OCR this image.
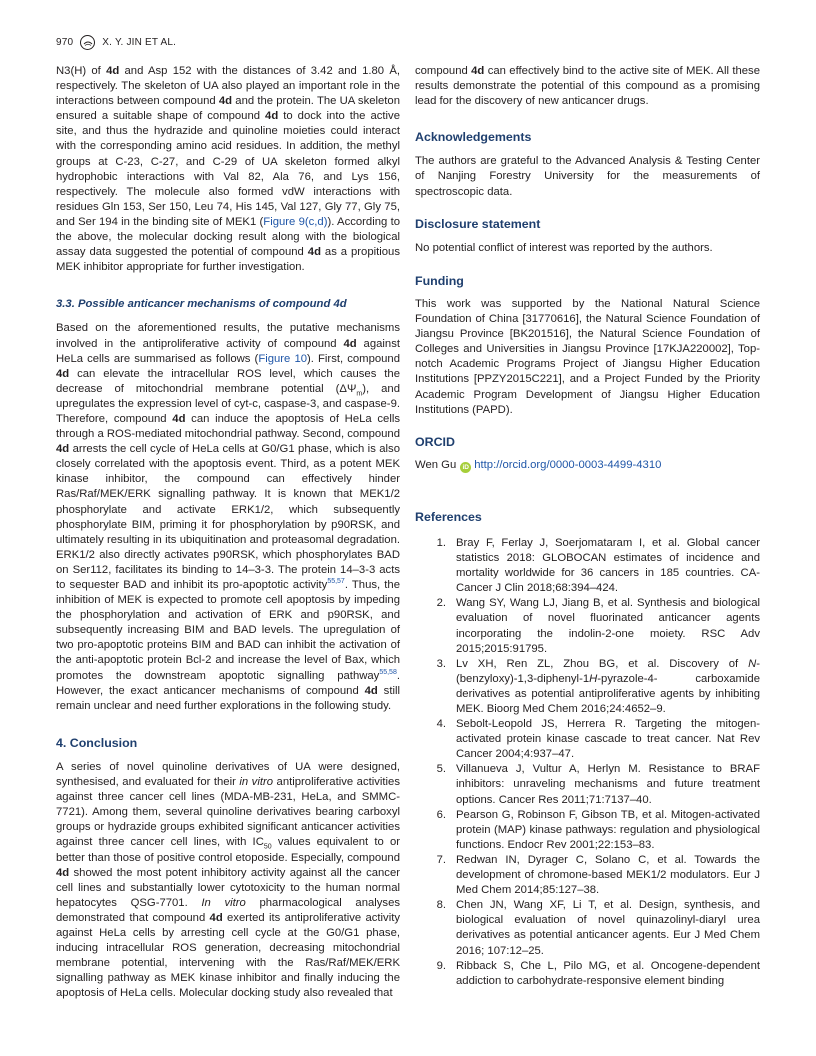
970	X. Y. JIN ET AL.

N3(H) of 4d and Asp 152 with the distances of 3.42 and 1.80 Å, respectively. The skeleton of UA also played an important role in the interactions between compound 4d and the protein. The UA skeleton ensured a suitable shape of compound 4d to dock into the active site, and thus the hydrazide and quinoline moieties could interact with the corresponding amino acid residues. In addition, the methyl groups at C-23, C-27, and C-29 of UA skeleton formed alkyl hydrophobic interactions with Val 82, Ala 76, and Lys 156, respectively. The molecule also formed vdW interactions with residues Gln 153, Ser 150, Leu 74, His 145, Val 127, Gly 77, Gly 75, and Ser 194 in the binding site of MEK1 (Figure 9(c,d)). According to the above, the molecular docking result along with the biological assay data suggested the potential of compound 4d as a propitious MEK inhibitor appropriate for further investigation.

3.3. Possible anticancer mechanisms of compound 4d

Based on the aforementioned results, the putative mechanisms involved in the antiproliferative activity of compound 4d against HeLa cells are summarised as follows (Figure 10). First, compound 4d can elevate the intracellular ROS level, which causes the decrease of mitochondrial membrane potential $(\Delta\Psi_m)$, and upregulates the expression level of cyt-c, caspase-3, and caspase-9. Therefore, compound 4d can induce the apoptosis of HeLa cells through a ROS-mediated mitochondrial pathway. Second, compound 4d arrests the cell cycle of HeLa cells at G0/G1 phase, which is also closely correlated with the apoptosis event. Third, as a potent MEK kinase inhibitor, the compound can effectively hinder Ras/Raf/MEK/ERK signalling pathway. It is known that MEK1/2 phosphorylate and activate ERK1/2, which subsequently phosphorylate BIM, priming it for phosphorylation by p90RSK, and ultimately resulting in its ubiquitination and proteasomal degradation. ERK1/2 also directly activates p90RSK, which phosphorylates BAD on Ser112, facilitates its binding to 14–3-3. The protein 14–3-3 acts to sequester BAD and inhibit its pro-apoptotic activity$^{55,57}$. Thus, the inhibition of MEK is expected to promote cell apoptosis by impeding the phosphorylation and activation of ERK and p90RSK, and subsequently increasing BIM and BAD levels. The upregulation of two pro-apoptotic proteins BIM and BAD can inhibit the activation of the anti-apoptotic protein Bcl-2 and increase the level of Bax, which promotes the downstream apoptotic signalling pathway$^{55,58}$. However, the exact anticancer mechanisms of compound 4d still remain unclear and need further explorations in the following study.

4. Conclusion

A series of novel quinoline derivatives of UA were designed, synthesised, and evaluated for their in vitro antiproliferative activities against three cancer cell lines (MDA-MB-231, HeLa, and SMMC-7721). Among them, several quinoline derivatives bearing carboxyl groups or hydrazide groups exhibited significant anticancer activities against three cancer cell lines, with $IC_{50}$ values equivalent to or better than those of positive control etoposide. Especially, compound 4d showed the most potent inhibitory activity against all the cancer cell lines and substantially lower cytotoxicity to the human normal hepatocytes QSG-7701. In vitro pharmacological analyses demonstrated that compound 4d exerted its antiproliferative activity against HeLa cells by arresting cell cycle at the G0/G1 phase, inducing intracellular ROS generation, decreasing mitochondrial membrane potential, intervening with the Ras/Raf/MEK/ERK signalling pathway as MEK kinase inhibitor and finally inducing the apoptosis of HeLa cells. Molecular docking study also revealed that

compound 4d can effectively bind to the active site of MEK. All these results demonstrate the potential of this compound as a promising lead for the discovery of new anticancer drugs.

Acknowledgements

The authors are grateful to the Advanced Analysis & Testing Center of Nanjing Forestry University for the measurements of spectroscopic data.

Disclosure statement

No potential conflict of interest was reported by the authors.

Funding

This work was supported by the National Natural Science Foundation of China [31770616], the Natural Science Foundation of Jiangsu Province [BK201516], the Natural Science Foundation of Colleges and Universities in Jiangsu Province [17KJA220002], Top-notch Academic Programs Project of Jiangsu Higher Education Institutions [PPZY2015C221], and a Project Funded by the Priority Academic Program Development of Jiangsu Higher Education Institutions (PAPD).

ORCID
Wen Gu iD http://orcid.org/0000-0003-4499-4310
References
1. Bray F, Ferlay J, Soerjomataram I, et al. Global cancer statistics 2018: GLOBOCAN estimates of incidence and mortality worldwide for 36 cancers in 185 countries. CA-Cancer J Clin 2018;68:394–424.
2. Wang SY, Wang LJ, Jiang B, et al. Synthesis and biological evaluation of novel fluorinated anticancer agents incorporating the indolin-2-one moiety. RSC Adv 2015;2015:91795.
3. Lv XH, Ren ZL, Zhou BG, et al. Discovery of N-(benzyloxy)-1,3-diphenyl-1H-pyrazole-4- carboxamide derivatives as potential antiproliferative agents by inhibiting MEK. Bioorg Med Chem 2016;24:4652–9.
4. Sebolt-Leopold JS, Herrera R. Targeting the mitogen-activated protein kinase cascade to treat cancer. Nat Rev Cancer 2004;4:937–47.
5. Villanueva J, Vultur A, Herlyn M. Resistance to BRAF inhibitors: unraveling mechanisms and future treatment options. Cancer Res 2011;71:7137–40.
6. Pearson G, Robinson F, Gibson TB, et al. Mitogen-activated protein (MAP) kinase pathways: regulation and physiological functions. Endocr Rev 2001;22:153–83.
7. Redwan IN, Dyrager C, Solano C, et al. Towards the development of chromone-based MEK1/2 modulators. Eur J Med Chem 2014;85:127–38.
8. Chen JN, Wang XF, Li T, et al. Design, synthesis, and biological evaluation of novel quinazolinyl-diaryl urea derivatives as potential anticancer agents. Eur J Med Chem 2016; 107:12–25.
9. Ribback S, Che L, Pilo MG, et al. Oncogene-dependent addiction to carbohydrate-responsive element binding
